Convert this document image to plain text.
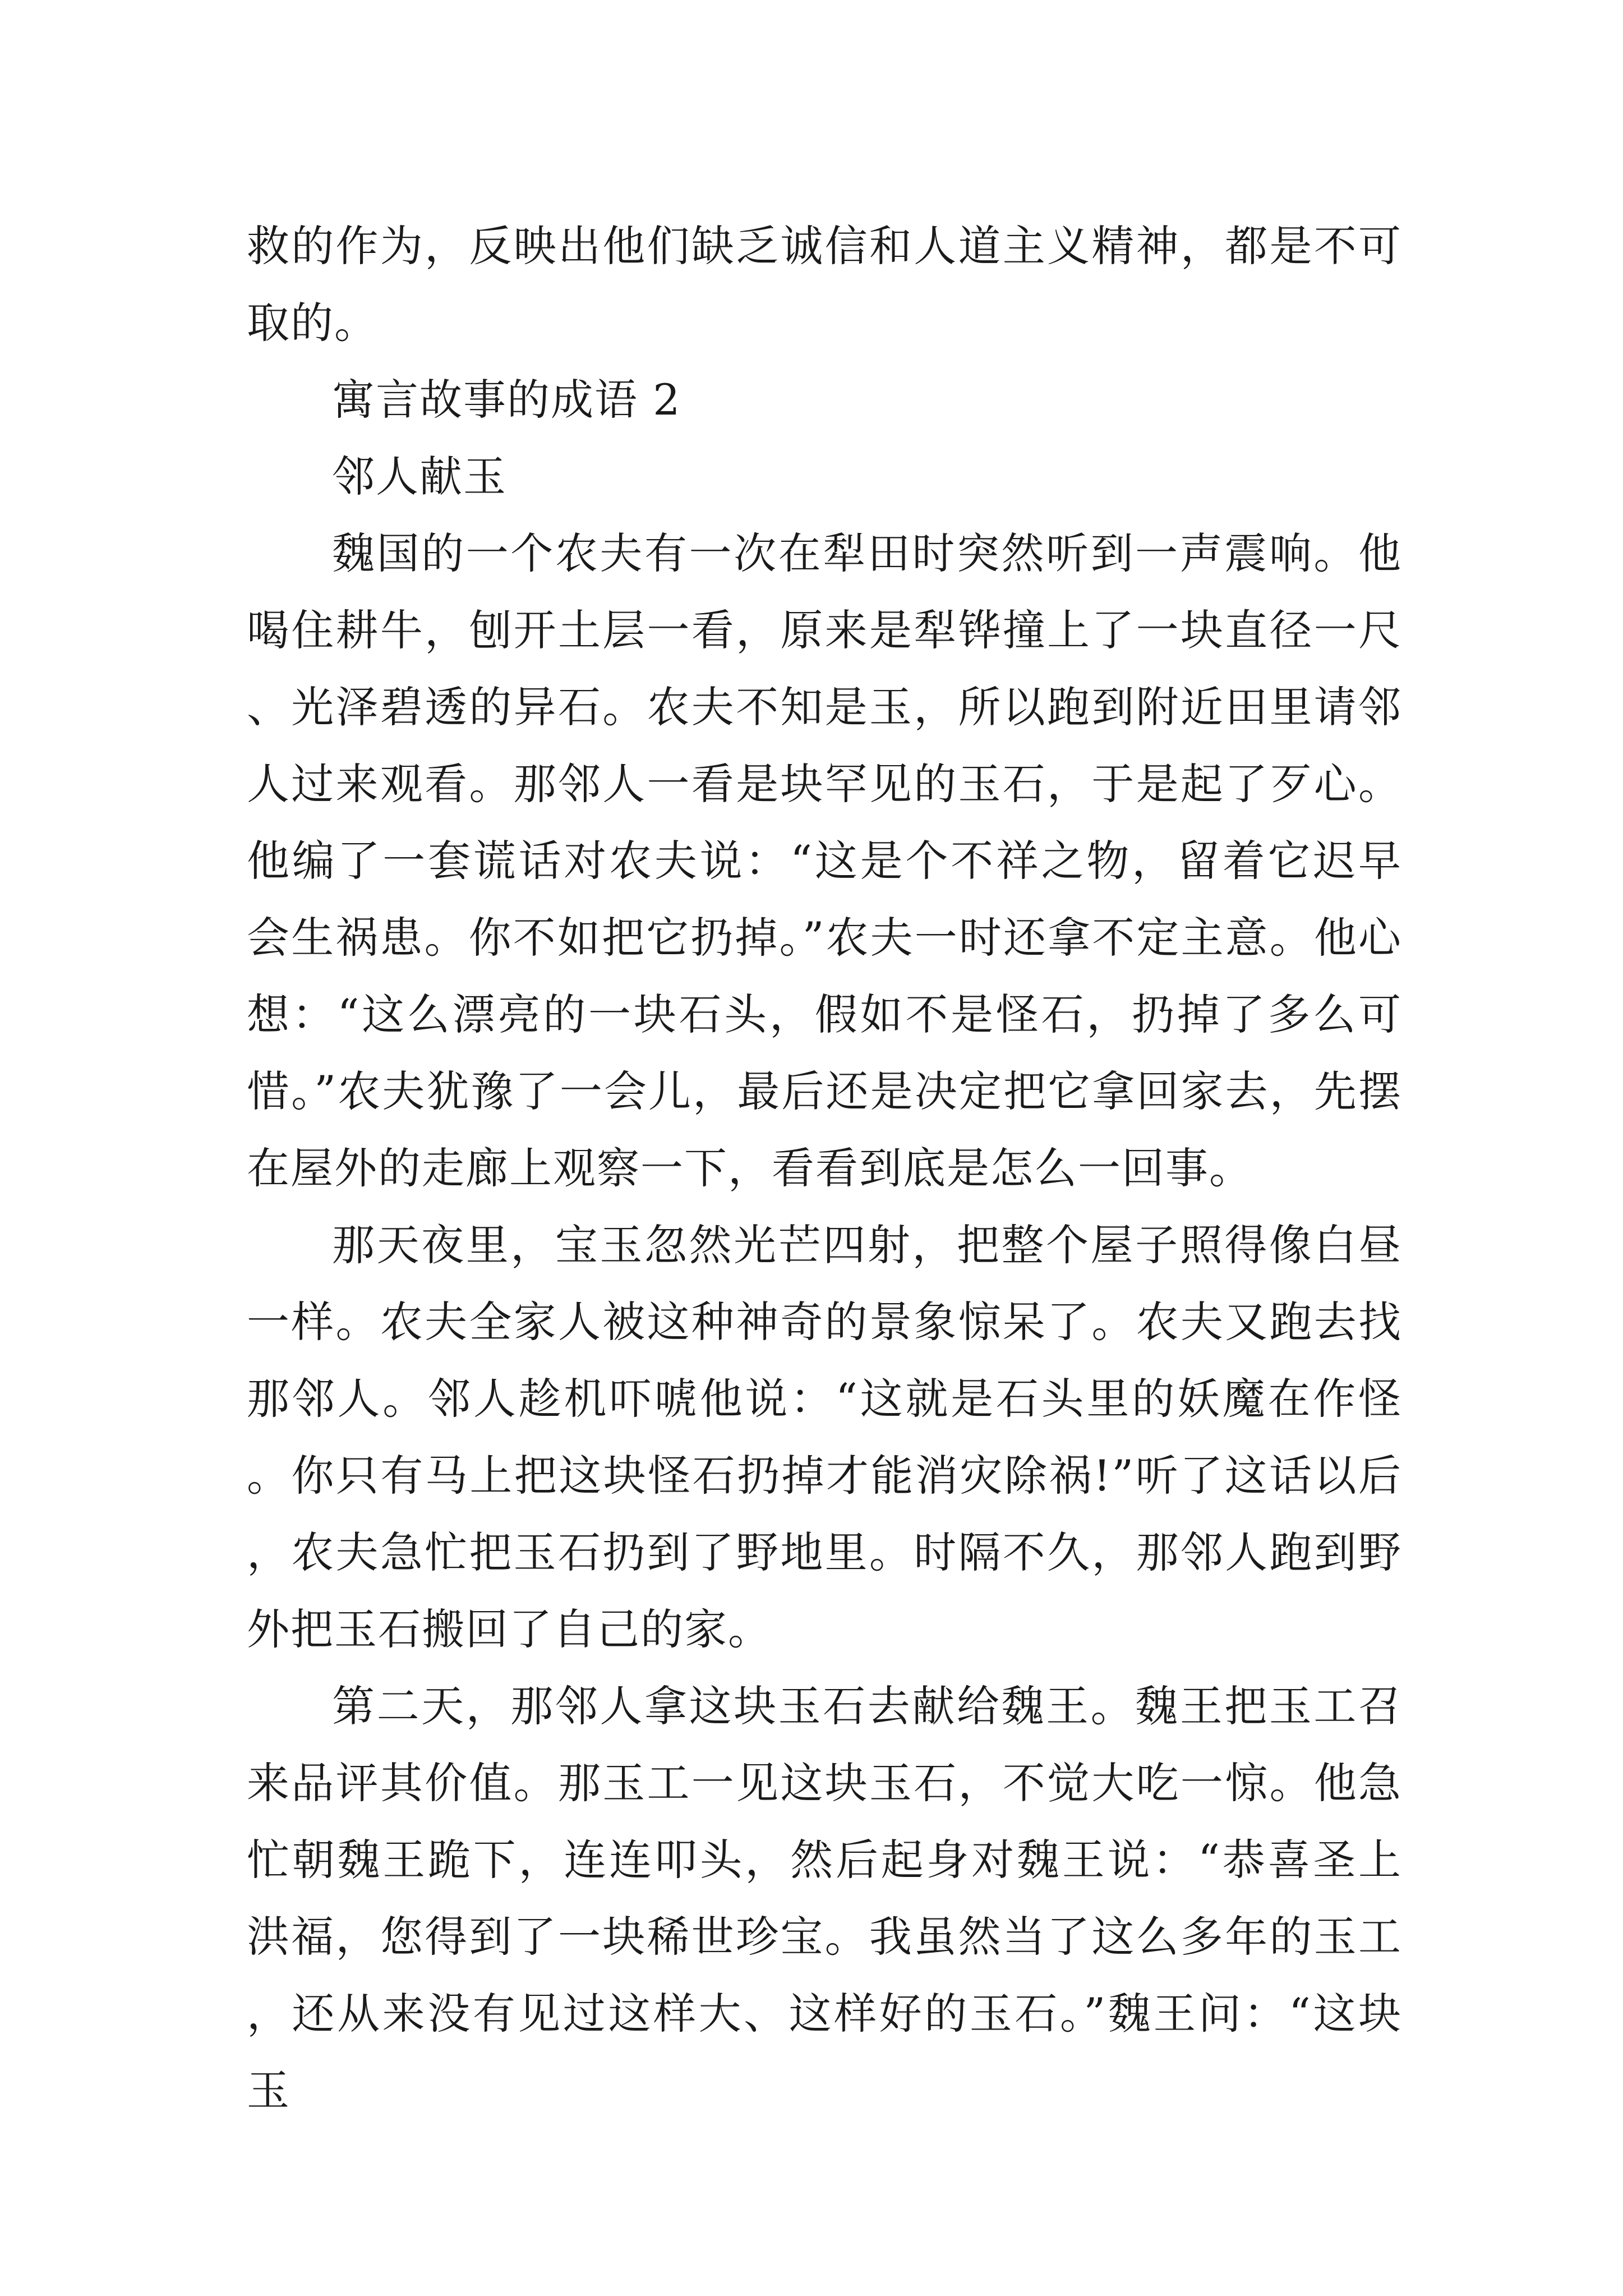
救的作为，反映出他们缺乏诚信和人道主义精神，都是不可取的。

寓言故事的成语 2

邻人献玉

魏国的一个农夫有一次在犁田时突然听到一声震响。他喝住耕牛，刨开土层一看，原来是犁铧撞上了一块直径一尺、光泽碧透的异石。农夫不知是玉，所以跑到附近田里请邻人过来观看。那邻人一看是块罕见的玉石，于是起了歹心。他编了一套谎话对农夫说：“这是个不祥之物，留着它迟早会生祸患。你不如把它扔掉。”农夫一时还拿不定主意。他心想：“这么漂亮的一块石头，假如不是怪石，扔掉了多么可惜。”农夫犹豫了一会儿，最后还是决定把它拿回家去，先摆在屋外的走廊上观察一下，看看到底是怎么一回事。

那天夜里，宝玉忽然光芒四射，把整个屋子照得像白昼一样。农夫全家人被这种神奇的景象惊呆了。农夫又跑去找那邻人。邻人趁机吓唬他说：“这就是石头里的妖魔在作怪。你只有马上把这块怪石扔掉才能消灾除祸!”听了这话以后，农夫急忙把玉石扔到了野地里。时隔不久，那邻人跑到野外把玉石搬回了自己的家。

第二天，那邻人拿这块玉石去献给魏王。魏王把玉工召来品评其价值。那玉工一见这块玉石，不觉大吃一惊。他急忙朝魏王跪下，连连叩头，然后起身对魏王说：“恭喜圣上洪福，您得到了一块稀世珍宝。我虽然当了这么多年的玉工，还从来没有见过这样大、这样好的玉石。”魏王问：“这块玉
